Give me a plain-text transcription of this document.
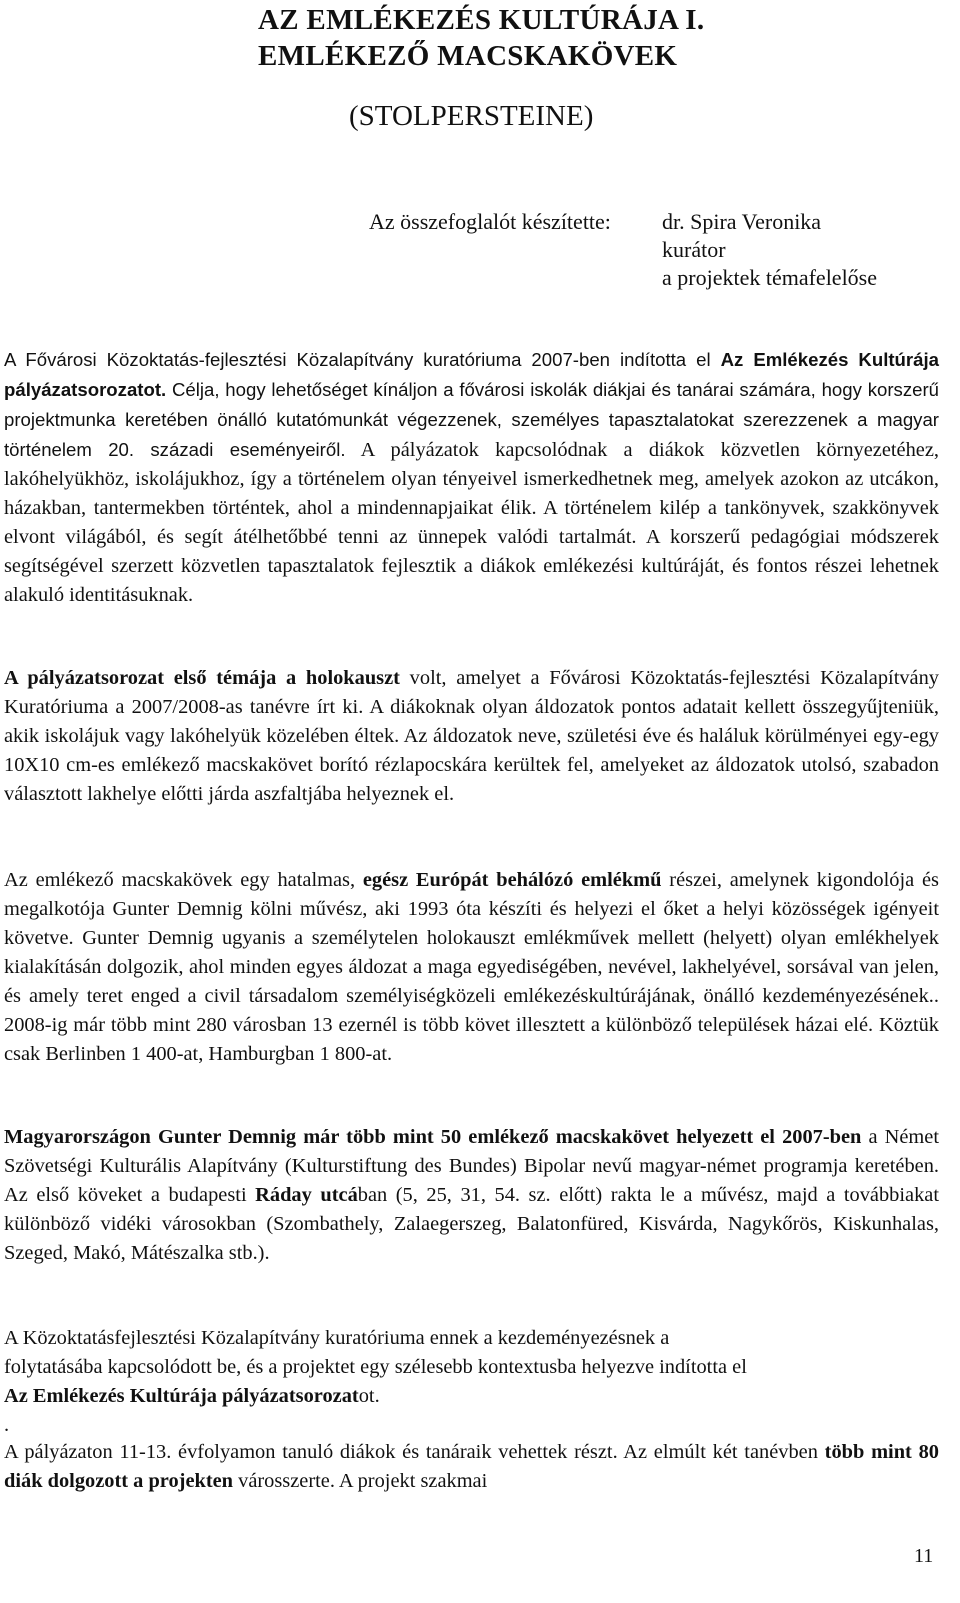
AZ EMLÉKEZÉS KULTÚRÁJA I.
EMLÉKEZŐ MACSKAKÖVEK
(STOLPERSTEINE)
Az összefoglalót készítette: dr. Spira Veronika
kurátor
a projektek témafelelőse

A Fővárosi Közoktatás-fejlesztési Közalapítvány kuratóriuma 2007-ben indította el Az Emlékezés Kultúrája pályázatsorozatot. Célja, hogy lehetőséget kínáljon a fővárosi iskolák diákjai és tanárai számára, hogy korszerű projektmunka keretében önálló kutatómunkát végezzenek, személyes tapasztalatokat szerezzenek a magyar történelem 20. századi eseményeiről. A pályázatok kapcsolódnak a diákok közvetlen környezetéhez, lakóhelyükhöz, iskolájukhoz, így a történelem olyan tényeivel ismerkedhetnek meg, amelyek azokon az utcákon, házakban, tantermekben történtek, ahol a mindennapjaikat élik. A történelem kilép a tankönyvek, szakkönyvek elvont világából, és segít átélhetőbbé tenni az ünnepek valódi tartalmát. A korszerű pedagógiai módszerek segítségével szerzett közvetlen tapasztalatok fejlesztik a diákok emlékezési kultúráját, és fontos részei lehetnek alakuló identitásuknak.

A pályázatsorozat első témája a holokauszt volt, amelyet a Fővárosi Közoktatás-fejlesztési Közalapítvány Kuratóriuma a 2007/2008-as tanévre írt ki. A diákoknak olyan áldozatok pontos adatait kellett összegyűjteniük, akik iskolájuk vagy lakóhelyük közelében éltek. Az áldozatok neve, születési éve és haláluk körülményei egy-egy 10X10 cm-es emlékező macskakövet borító rézlapocskára kerültek fel, amelyeket az áldozatok utolsó, szabadon választott lakhelye előtti járda aszfaltjába helyeznek el.

Az emlékező macskakövek egy hatalmas, egész Európát behálózó emlékmű részei, amelynek kigondolója és megalkotója Gunter Demnig kölni művész, aki 1993 óta készíti és helyezi el őket a helyi közösségek igényeit követve. Gunter Demnig ugyanis a személytelen holokauszt emlékművek mellett (helyett) olyan emlékhelyek kialakításán dolgozik, ahol minden egyes áldozat a maga egyediségében, nevével, lakhelyével, sorsával van jelen, és amely teret enged a civil társadalom személyiségközeli emlékezéskultúrájának, önálló kezdeményezésének.. 2008-ig már több mint 280 városban 13 ezernél is több követ illesztett a különböző települések házai elé. Köztük csak Berlinben 1 400-at, Hamburgban 1 800-at.

Magyarországon Gunter Demnig már több mint 50 emlékező macskakövet helyezett el 2007-ben a Német Szövetségi Kulturális Alapítvány (Kulturstiftung des Bundes) Bipolar nevű magyar-német programja keretében. Az első köveket a budapesti Ráday utcában (5, 25, 31, 54. sz. előtt) rakta le a művész, majd a továbbiakat különböző vidéki városokban (Szombathely, Zalaegerszeg, Balatonfüred, Kisvárda, Nagykőrös, Kiskunhalas, Szeged, Makó, Mátészalka stb.).

A Közoktatásfejlesztési Közalapítvány kuratóriuma ennek a kezdeményezésnek a
folytatásába kapcsolódott be, és a projektet egy szélesebb kontextusba helyezve indította el
Az Emlékezés Kultúrája pályázatsorozatot.
.

A pályázaton 11-13. évfolyamon tanuló diákok és tanáraik vehettek részt. Az elmúlt két tanévben több mint 80 diák dolgozott a projekten városszerte. A projekt szakmai

11
